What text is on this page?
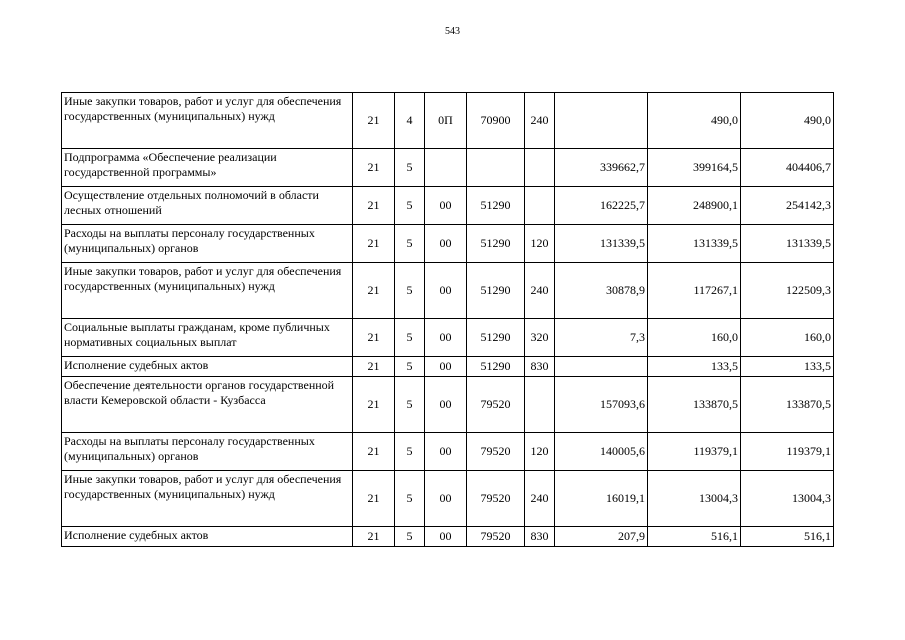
543
Иные закупки товаров, работ и услуг для обеспечения государственных (муниципальных) нужд	21	4	0П	70900	240		490,0	490,0
Подпрограмма «Обеспечение реализации государственной программы»	21	5				339662,7	399164,5	404406,7
Осуществление отдельных полномочий в области лесных отношений	21	5	00	51290		162225,7	248900,1	254142,3
Расходы на выплаты персоналу государственных (муниципальных) органов	21	5	00	51290	120	131339,5	131339,5	131339,5
Иные закупки товаров, работ и услуг для обеспечения государственных (муниципальных) нужд	21	5	00	51290	240	30878,9	117267,1	122509,3
Социальные выплаты гражданам, кроме публичных нормативных социальных выплат	21	5	00	51290	320	7,3	160,0	160,0
Исполнение судебных актов	21	5	00	51290	830		133,5	133,5
Обеспечение деятельности органов государственной власти Кемеровской области - Кузбасса	21	5	00	79520		157093,6	133870,5	133870,5
Расходы на выплаты персоналу государственных (муниципальных) органов	21	5	00	79520	120	140005,6	119379,1	119379,1
Иные закупки товаров, работ и услуг для обеспечения государственных (муниципальных) нужд	21	5	00	79520	240	16019,1	13004,3	13004,3
Исполнение судебных актов	21	5	00	79520	830	207,9	516,1	516,1
